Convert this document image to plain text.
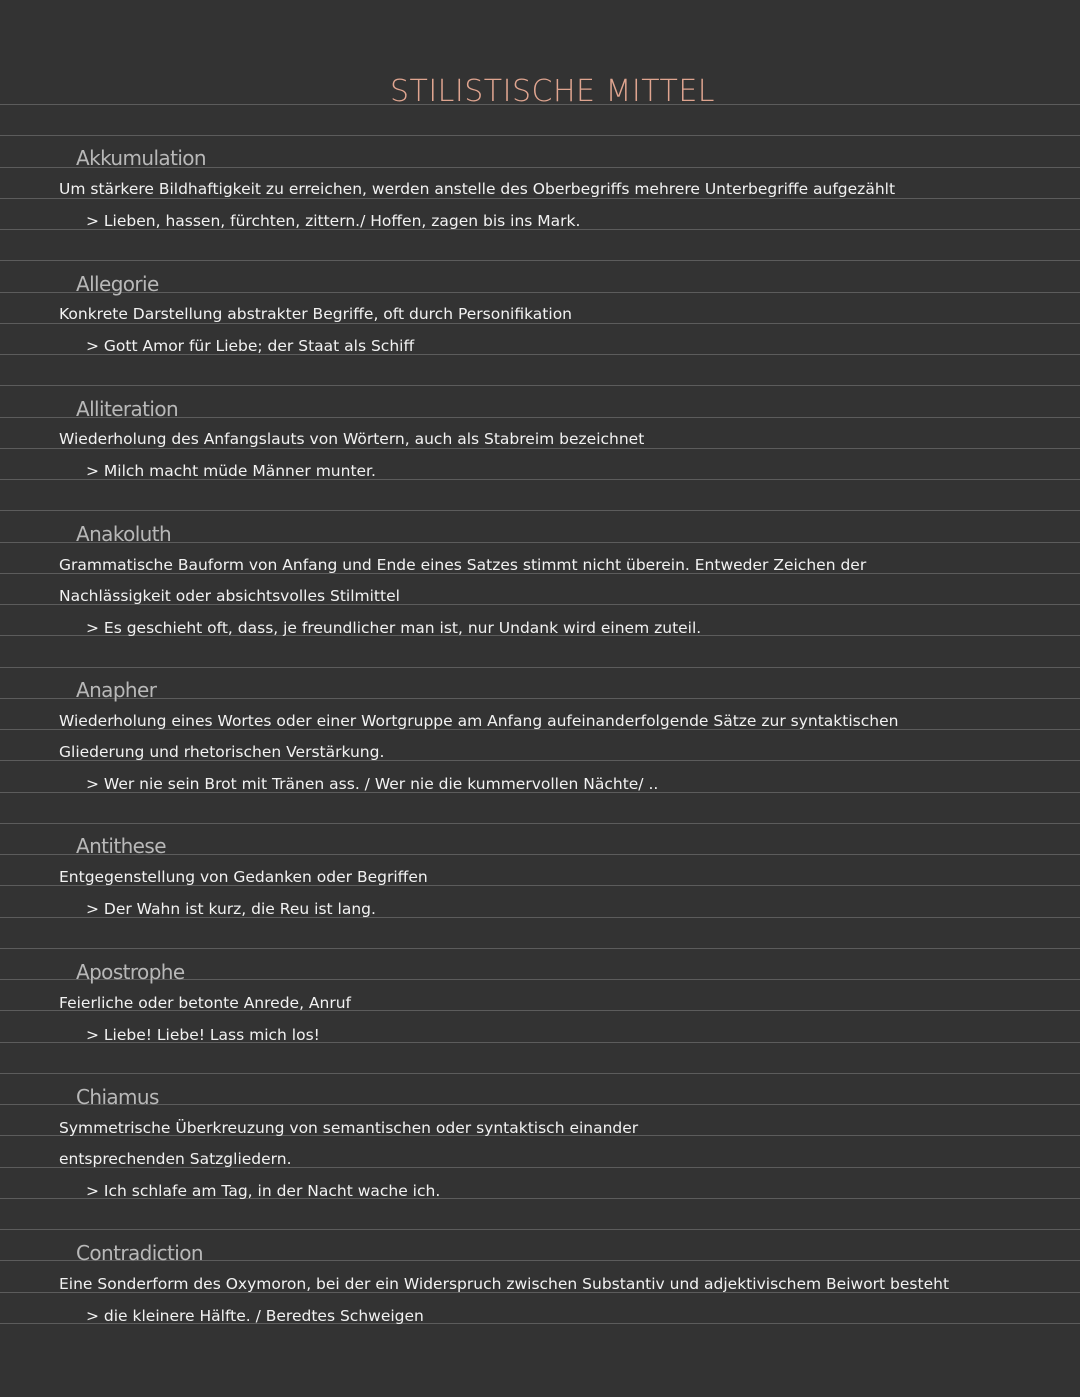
STILISTISCHE MITTEL
Akkumulation
Um stärkere Bildhaftigkeit zu erreichen, werden anstelle des Oberbegriffs mehrere Unterbegriffe aufgezählt
> Lieben, hassen, fürchten, zittern./ Hoffen, zagen bis ins Mark.
Allegorie
Konkrete Darstellung abstrakter Begriffe, oft durch Personifikation
> Gott Amor für Liebe; der Staat als Schiff
Alliteration
Wiederholung des Anfangslauts von Wörtern, auch als Stabreim bezeichnet
> Milch macht müde Männer munter.
Anakoluth
Grammatische Bauform von Anfang und Ende eines Satzes stimmt nicht überein. Entweder Zeichen der
Nachlässigkeit oder absichtsvolles Stilmittel
> Es geschieht oft, dass, je freundlicher man ist, nur Undank wird einem zuteil.
Anapher
Wiederholung eines Wortes oder einer Wortgruppe am Anfang aufeinanderfolgende Sätze zur syntaktischen
Gliederung und rhetorischen Verstärkung.
> Wer nie sein Brot mit Tränen ass. / Wer nie die kummervollen Nächte/ ..
Antithese
Entgegenstellung von Gedanken oder Begriffen
> Der Wahn ist kurz, die Reu ist lang.
Apostrophe
Feierliche oder betonte Anrede, Anruf
> Liebe! Liebe! Lass mich los!
Chiamus
Symmetrische Überkreuzung von semantischen oder syntaktisch einander
entsprechenden Satzgliedern.
> Ich schlafe am Tag, in der Nacht wache ich.
Contradiction
Eine Sonderform des Oxymoron, bei der ein Widerspruch zwischen Substantiv und adjektivischem Beiwort besteht
> die kleinere Hälfte. / Beredtes Schweigen
